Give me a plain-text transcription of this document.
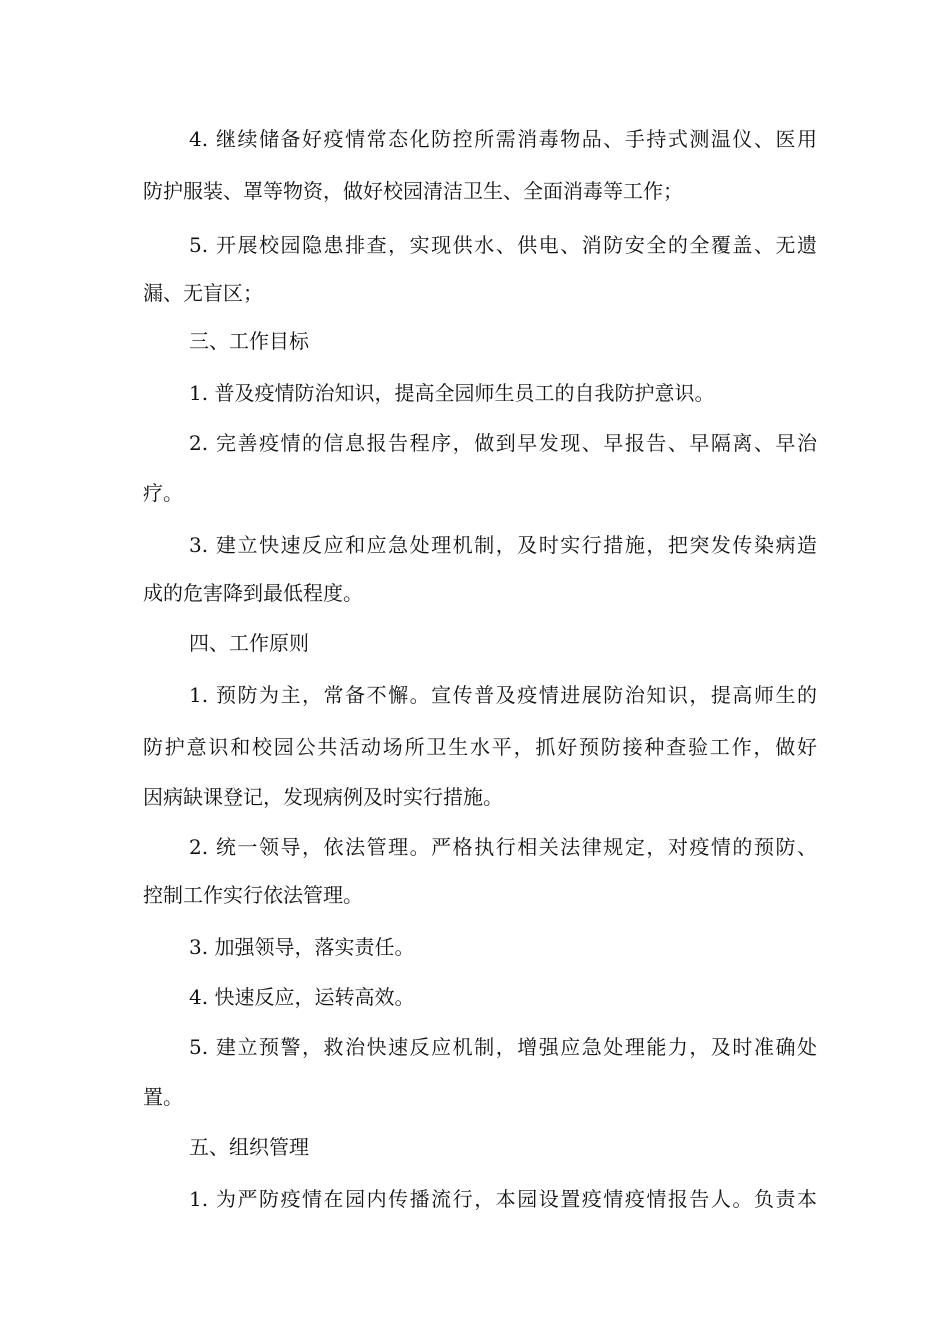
4. 继续储备好疫情常态化防控所需消毒物品、手持式测温仪、医用
防护服装、罩等物资，做好校园清洁卫生、全面消毒等工作；
5. 开展校园隐患排查，实现供水、供电、消防安全的全覆盖、无遗
漏、无盲区；
三、工作目标
1. 普及疫情防治知识，提高全园师生员工的自我防护意识。
2. 完善疫情的信息报告程序，做到早发现、早报告、早隔离、早治
疗。
3. 建立快速反应和应急处理机制，及时实行措施，把突发传染病造
成的危害降到最低程度。
四、工作原则
1. 预防为主，常备不懈。宣传普及疫情进展防治知识，提高师生的
防护意识和校园公共活动场所卫生水平，抓好预防接种查验工作，做好
因病缺课登记，发现病例及时实行措施。
2. 统一领导，依法管理。严格执行相关法律规定，对疫情的预防、
控制工作实行依法管理。
3. 加强领导，落实责任。
4. 快速反应，运转高效。
5. 建立预警，救治快速反应机制，增强应急处理能力，及时准确处
置。
五、组织管理
1. 为严防疫情在园内传播流行，本园设置疫情疫情报告人。负责本
